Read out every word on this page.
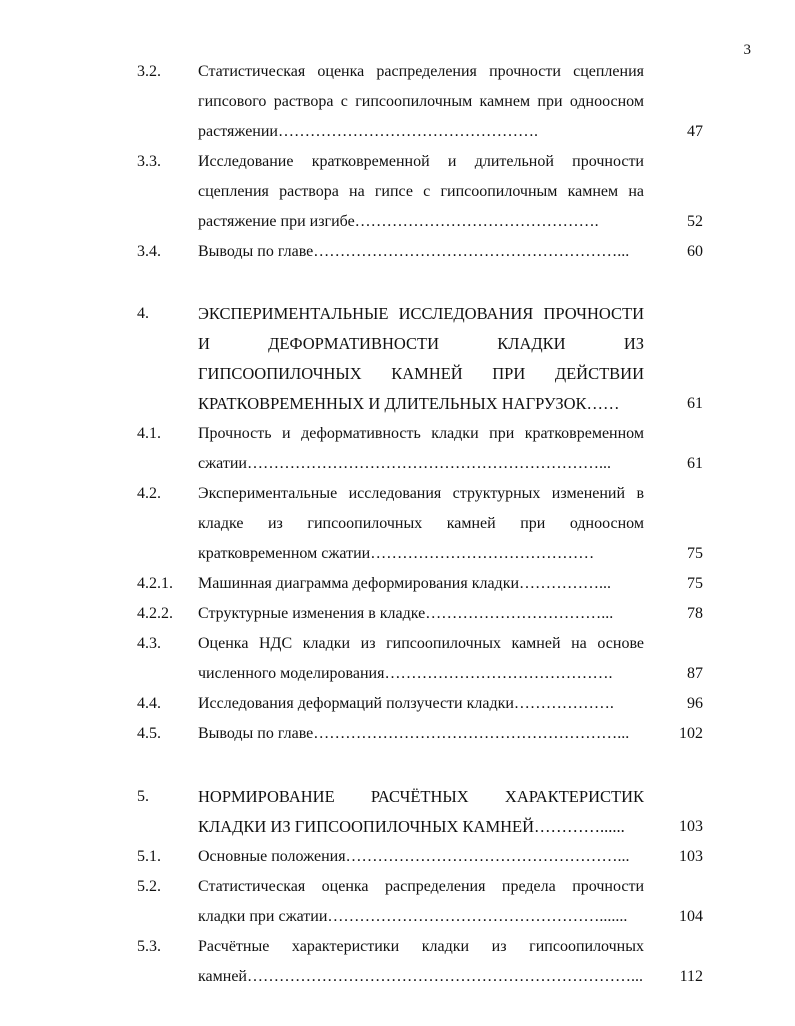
3
3.2. Статистическая оценка распределения прочности сцепления гипсового раствора с гипсоопилочным камнем при одноосном растяжении………………………………………….	47
3.3. Исследование кратковременной и длительной прочности сцепления раствора на гипсе с гипсоопилочным камнем на растяжение при изгибе……………………………………….	52
3.4. Выводы по главе…………………………………………………...	60
4.	ЭКСПЕРИМЕНТАЛЬНЫЕ ИССЛЕДОВАНИЯ ПРОЧНОСТИ И ДЕФОРМАТИВНОСТИ КЛАДКИ ИЗ ГИПСООПИЛОЧНЫХ КАМНЕЙ ПРИ ДЕЙСТВИИ КРАТКОВРЕМЕННЫХ И ДЛИТЕЛЬНЫХ НАГРУЗОК……	61
4.1. Прочность и деформативность кладки при кратковременном сжатии…………………………………………………………...	61
4.2. Экспериментальные исследования структурных изменений в кладке из гипсоопилочных камней при одноосном кратковременном сжатии……………………………………	75
4.2.1. Машинная диаграмма деформирования кладки……………...	75
4.2.2. Структурные изменения в кладке……………………………...	78
4.3. Оценка НДС кладки из гипсоопилочных камней на основе численного моделирования…………………………………….	87
4.4. Исследования деформаций ползучести кладки……………….	96
4.5. Выводы по главе…………………………………………………...	102
5.	НОРМИРОВАНИЕ РАСЧЁТНЫХ ХАРАКТЕРИСТИК КЛАДКИ ИЗ ГИПСООПИЛОЧНЫХ КАМНЕЙ…………......	103
5.1. Основные положения……………………………………………...	103
5.2. Статистическая оценка распределения предела прочности кладки при сжатии…………………………………………….......	104
5.3. Расчётные характеристики кладки из гипсоопилочных камней………………………………………………………………...	112
